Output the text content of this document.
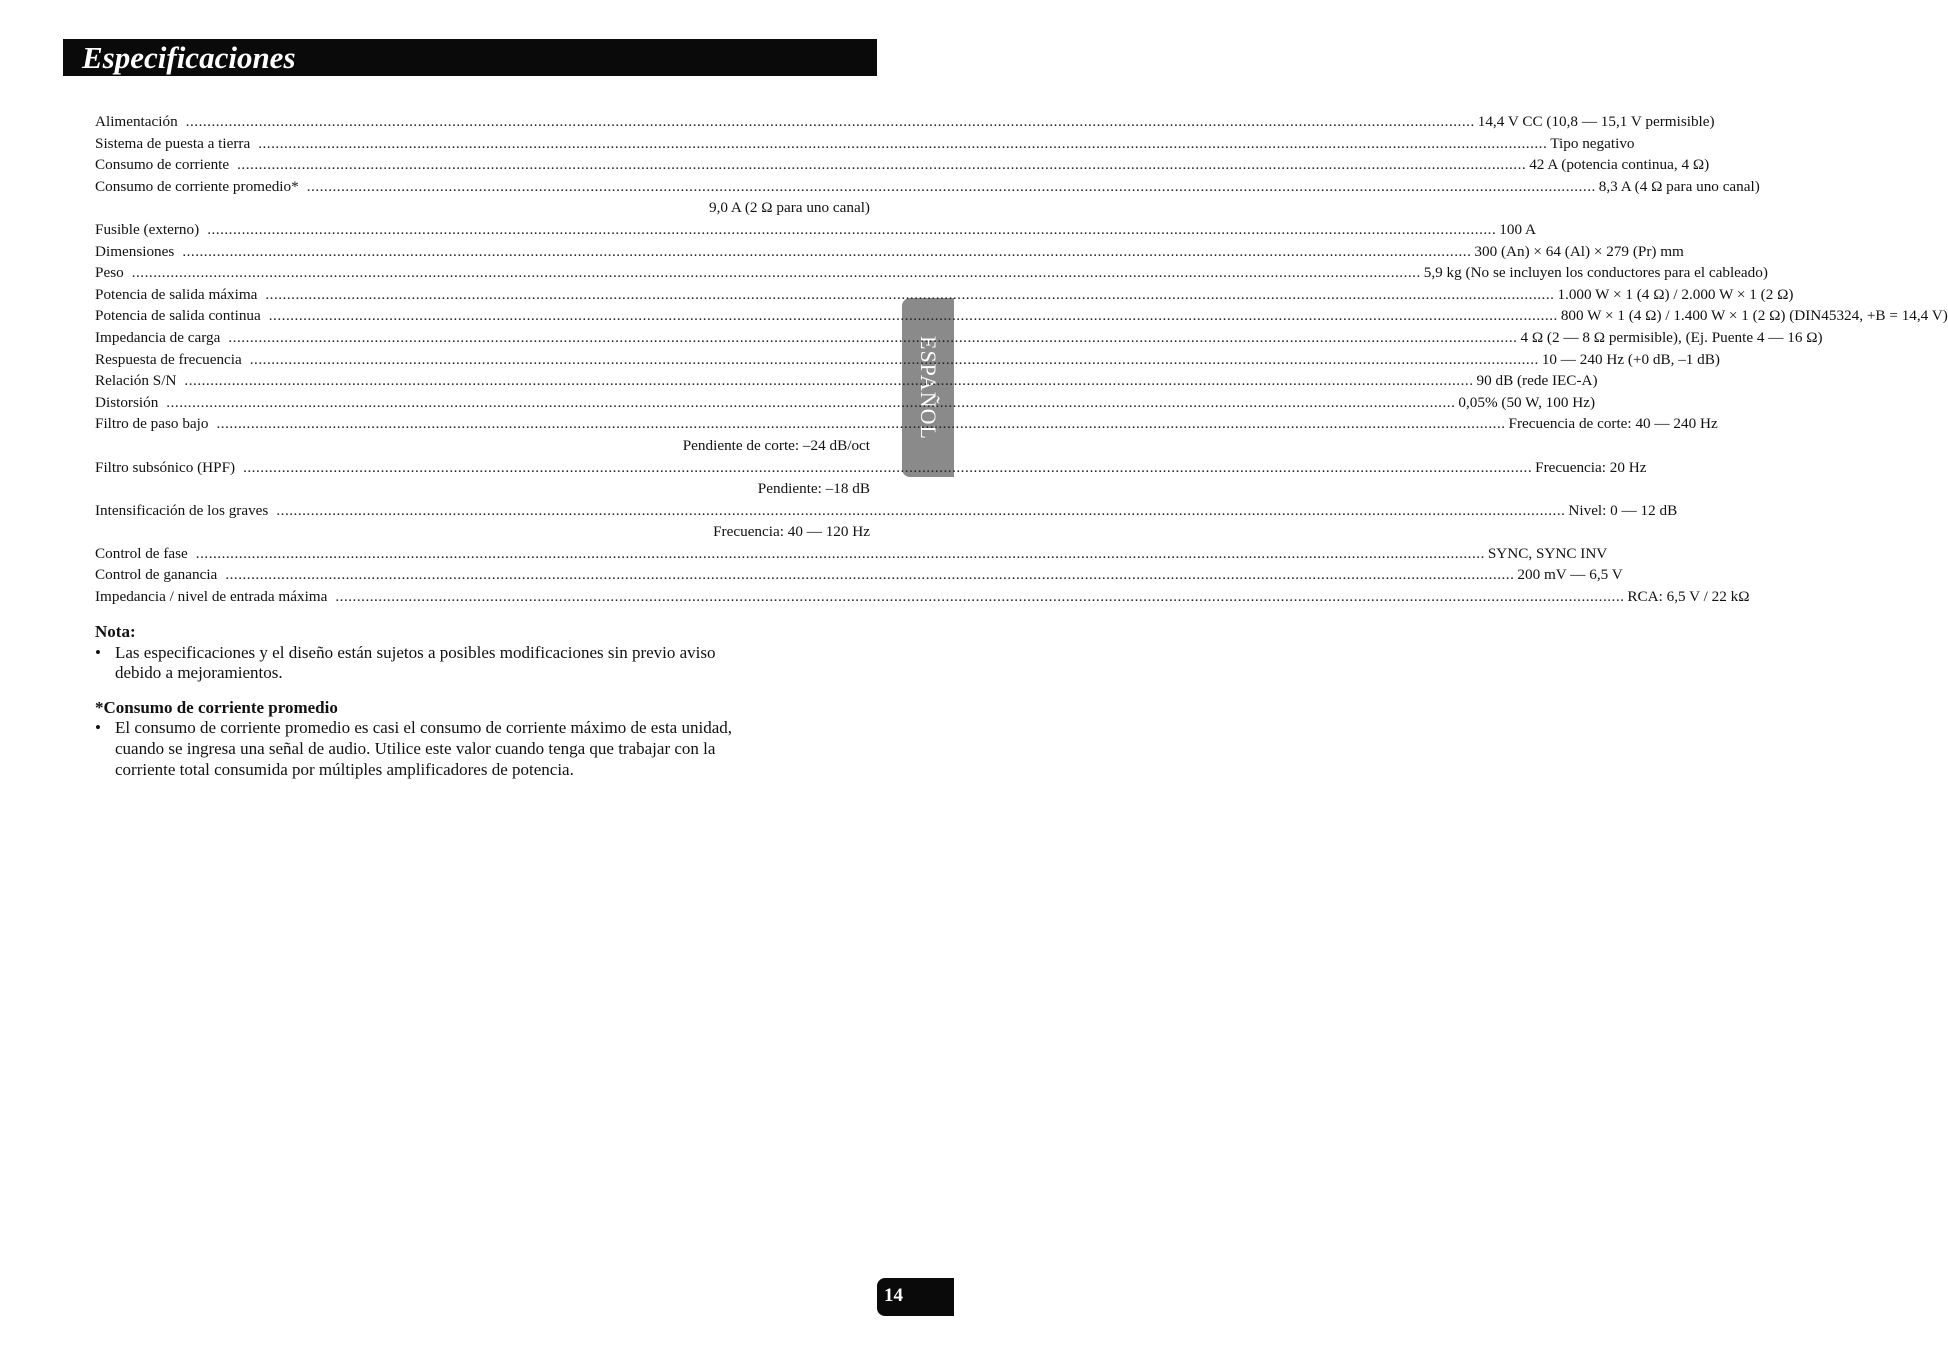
Especificaciones
ESPAÑOL
Alimentación ............................................................................................................................................................................................................................................................................................................ 14,4 V CC (10,8 — 15,1 V permisible)
Sistema de puesta a tierra ............................................................................................................................................................................................................................................................................................................ Tipo negativo
Consumo de corriente ............................................................................................................................................................................................................................................................................................................ 42 A (potencia continua, 4 Ω)
Consumo de corriente promedio* ............................................................................................................................................................................................................................................................................................................ 8,3 A (4 Ω para uno canal)
9,0 A (2 Ω para uno canal)
Fusible (externo) ............................................................................................................................................................................................................................................................................................................ 100 A
Dimensiones ............................................................................................................................................................................................................................................................................................................ 300 (An) × 64 (Al) × 279 (Pr) mm
Peso ............................................................................................................................................................................................................................................................................................................ 5,9 kg (No se incluyen los conductores para el cableado)
Potencia de salida máxima ............................................................................................................................................................................................................................................................................................................ 1.000 W × 1 (4 Ω) / 2.000 W × 1 (2 Ω)
Potencia de salida continua ............................................................................................................................................................................................................................................................................................................ 800 W × 1 (4 Ω) / 1.400 W × 1 (2 Ω) (DIN45324, +B = 14,4 V)
Impedancia de carga ............................................................................................................................................................................................................................................................................................................ 4 Ω (2 — 8 Ω permisible), (Ej. Puente 4 — 16 Ω)
Respuesta de frecuencia ............................................................................................................................................................................................................................................................................................................ 10 — 240 Hz (+0 dB, –1 dB)
Relación S/N ............................................................................................................................................................................................................................................................................................................ 90 dB (rede IEC-A)
Distorsión ............................................................................................................................................................................................................................................................................................................ 0,05% (50 W, 100 Hz)
Filtro de paso bajo ............................................................................................................................................................................................................................................................................................................ Frecuencia de corte: 40 — 240 Hz
Pendiente de corte: –24 dB/oct
Filtro subsónico (HPF) ............................................................................................................................................................................................................................................................................................................ Frecuencia: 20 Hz
Pendiente: –18 dB
Intensificación de los graves ............................................................................................................................................................................................................................................................................................................ Nivel: 0 — 12 dB
Frecuencia: 40 — 120 Hz
Control de fase ............................................................................................................................................................................................................................................................................................................ SYNC, SYNC INV
Control de ganancia ............................................................................................................................................................................................................................................................................................................ 200 mV — 6,5 V
Impedancia / nivel de entrada máxima ............................................................................................................................................................................................................................................................................................................ RCA: 6,5 V / 22 kΩ
Nota:
• Las especificaciones y el diseño están sujetos a posibles modificaciones sin previo aviso debido a mejoramientos.
*Consumo de corriente promedio
• El consumo de corriente promedio es casi el consumo de corriente máximo de esta unidad, cuando se ingresa una señal de audio. Utilice este valor cuando tenga que trabajar con la corriente total consumida por múltiples amplificadores de potencia.
14
